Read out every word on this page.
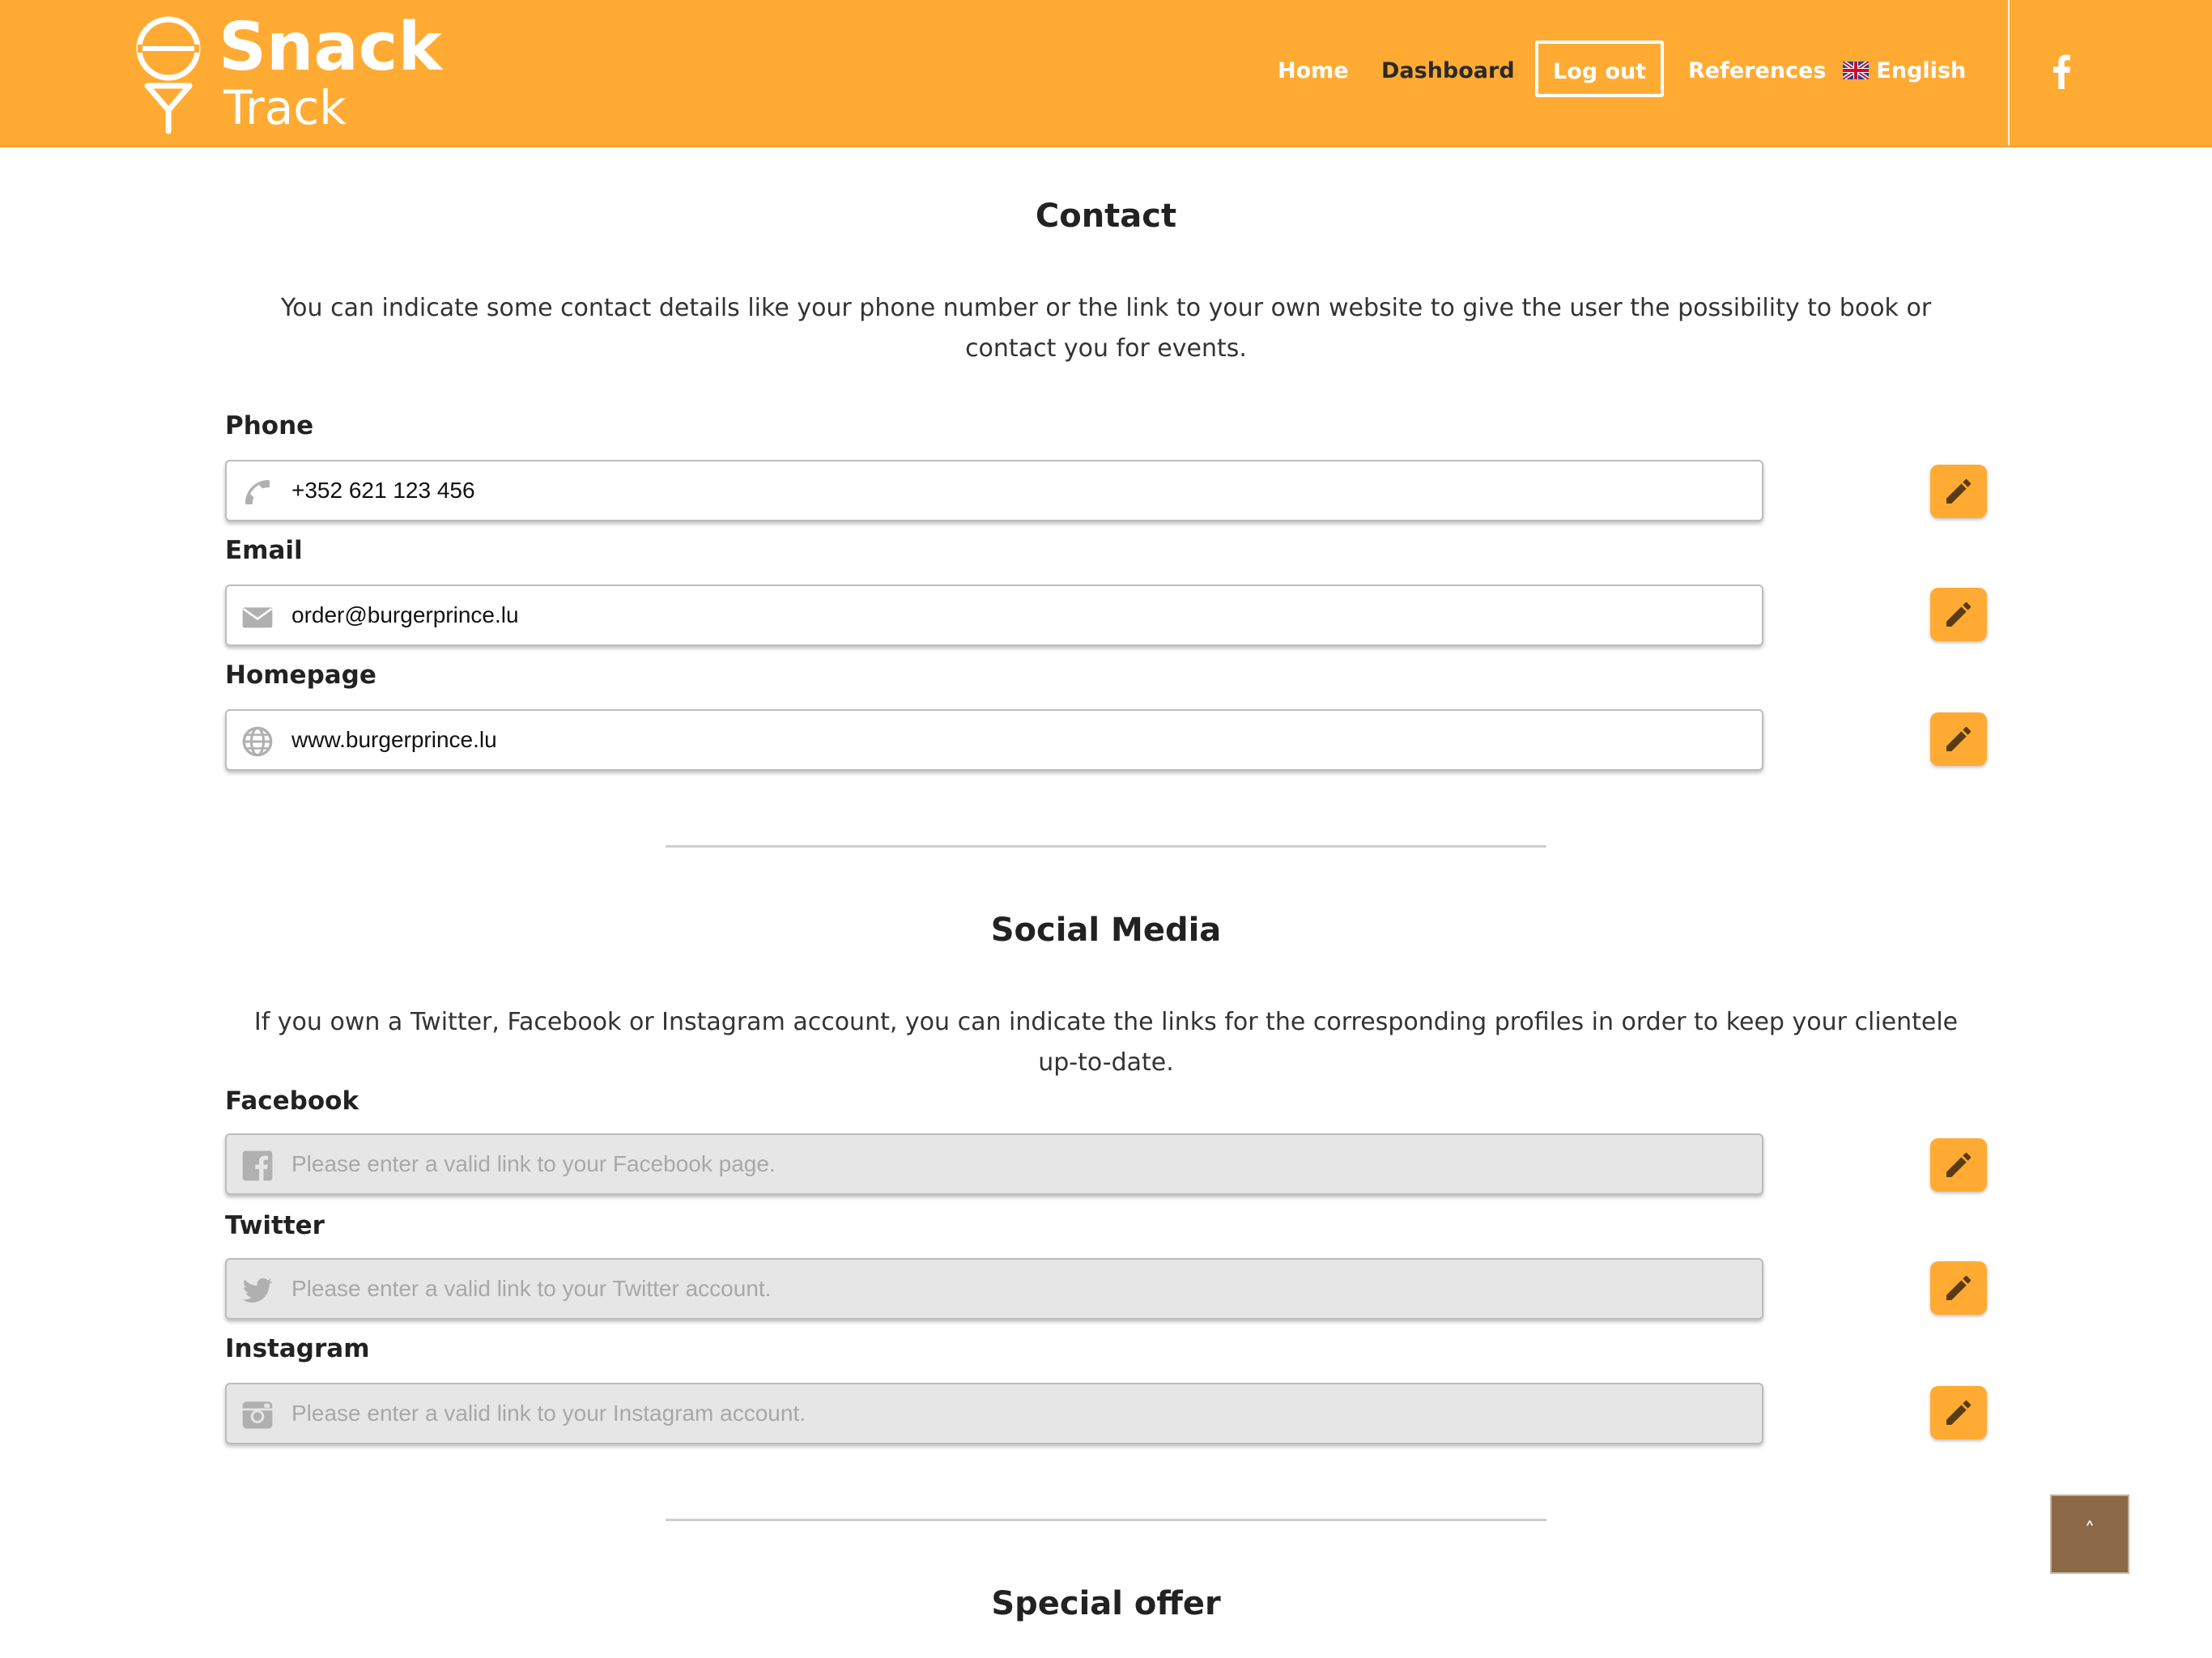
Snack
Track
Home Dashboard	Log out	References	English
Contact
You can indicate some contact details like your phone number or the link to your own website to give the user the possibility to book or contact you for events.
Phone
+352 621 123 456
Email
order@burgerprince.lu
Homepage
www.burgerprince.lu
Social Media
If you own a Twitter, Facebook or Instagram account, you can indicate the links for the corresponding profiles in order to keep your clientele up-to-date.
Facebook
Please enter a valid link to your Facebook page.
Twitter
Please enter a valid link to your Twitter account.
Instagram
Please enter a valid link to your Instagram account.
Special offer
˄
